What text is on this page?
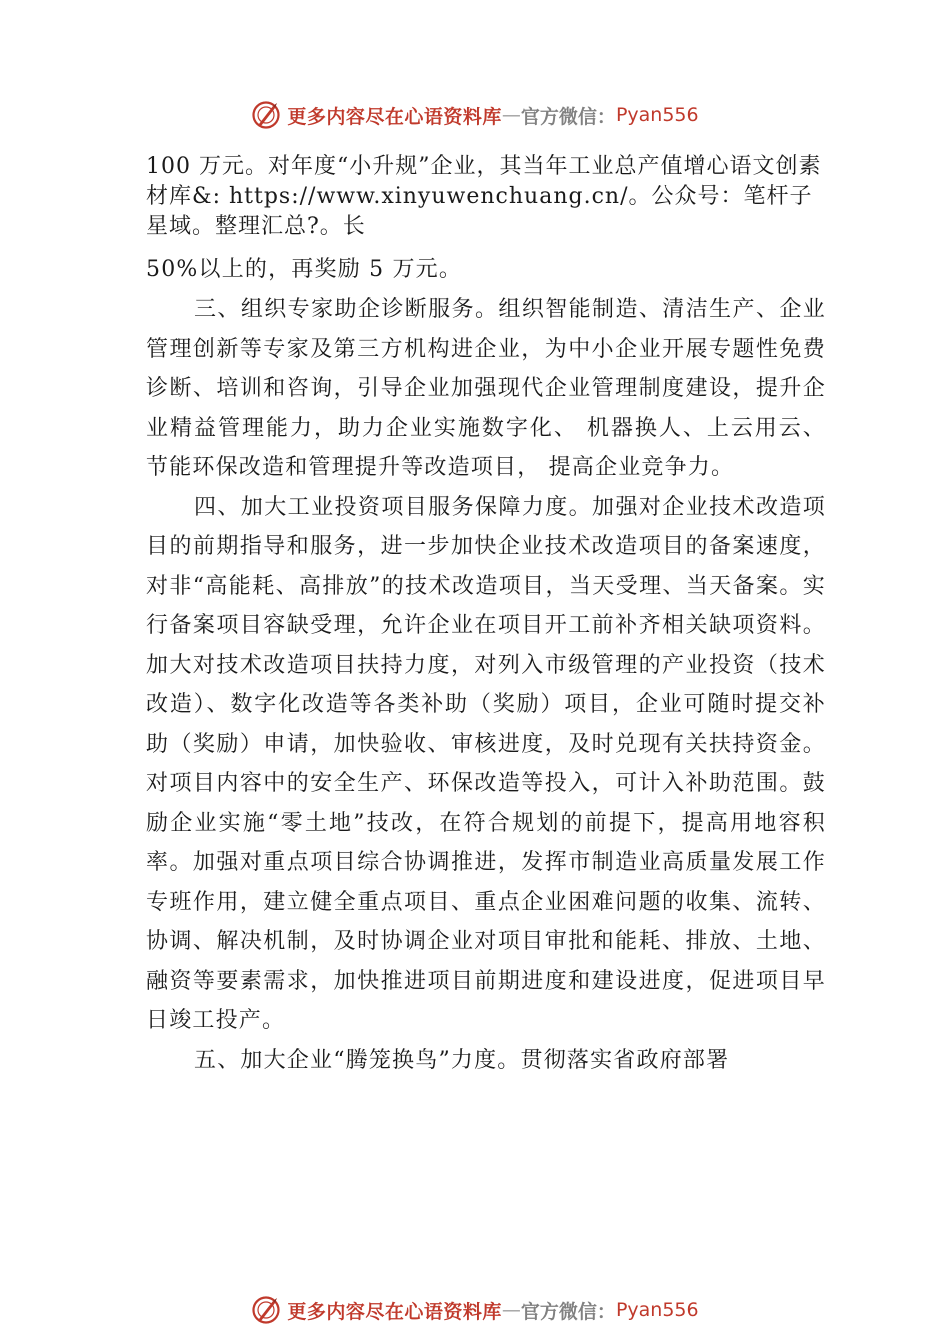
更多内容尽在心语资料库 — 官方微信： Pyan556

100 万元。对年度“小升规”企业，其当年工业总产值增心语文创素材库&: https://www.xinyuwenchuang.cn/。公众号：笔杆子星域。整理汇总?。长

50%以上的，再奖励 5 万元。

三、组织专家助企诊断服务。组织智能制造、清洁生产、企业管理创新等专家及第三方机构进企业，为中小企业开展专题性免费诊断、培训和咨询，引导企业加强现代企业管理制度建设，提升企业精益管理能力，助力企业实施数字化、 机器换人、上云用云、节能环保改造和管理提升等改造项目， 提高企业竞争力。

四、加大工业投资项目服务保障力度。加强对企业技术改造项目的前期指导和服务，进一步加快企业技术改造项目的备案速度，对非“高能耗、高排放”的技术改造项目，当天受理、当天备案。实行备案项目容缺受理，允许企业在项目开工前补齐相关缺项资料。加大对技术改造项目扶持力度，对列入市级管理的产业投资（技术改造）、数字化改造等各类补助（奖励）项目，企业可随时提交补助（奖励）申请，加快验收、审核进度，及时兑现有关扶持资金。对项目内容中的安全生产、环保改造等投入，可计入补助范围。鼓励企业实施“零土地”技改，在符合规划的前提下，提高用地容积率。加强对重点项目综合协调推进，发挥市制造业高质量发展工作专班作用，建立健全重点项目、重点企业困难问题的收集、流转、协调、解决机制，及时协调企业对项目审批和能耗、排放、土地、融资等要素需求，加快推进项目前期进度和建设进度，促进项目早日竣工投产。

五、加大企业“腾笼换鸟”力度。贯彻落实省政府部署

更多内容尽在心语资料库 — 官方微信： Pyan556
